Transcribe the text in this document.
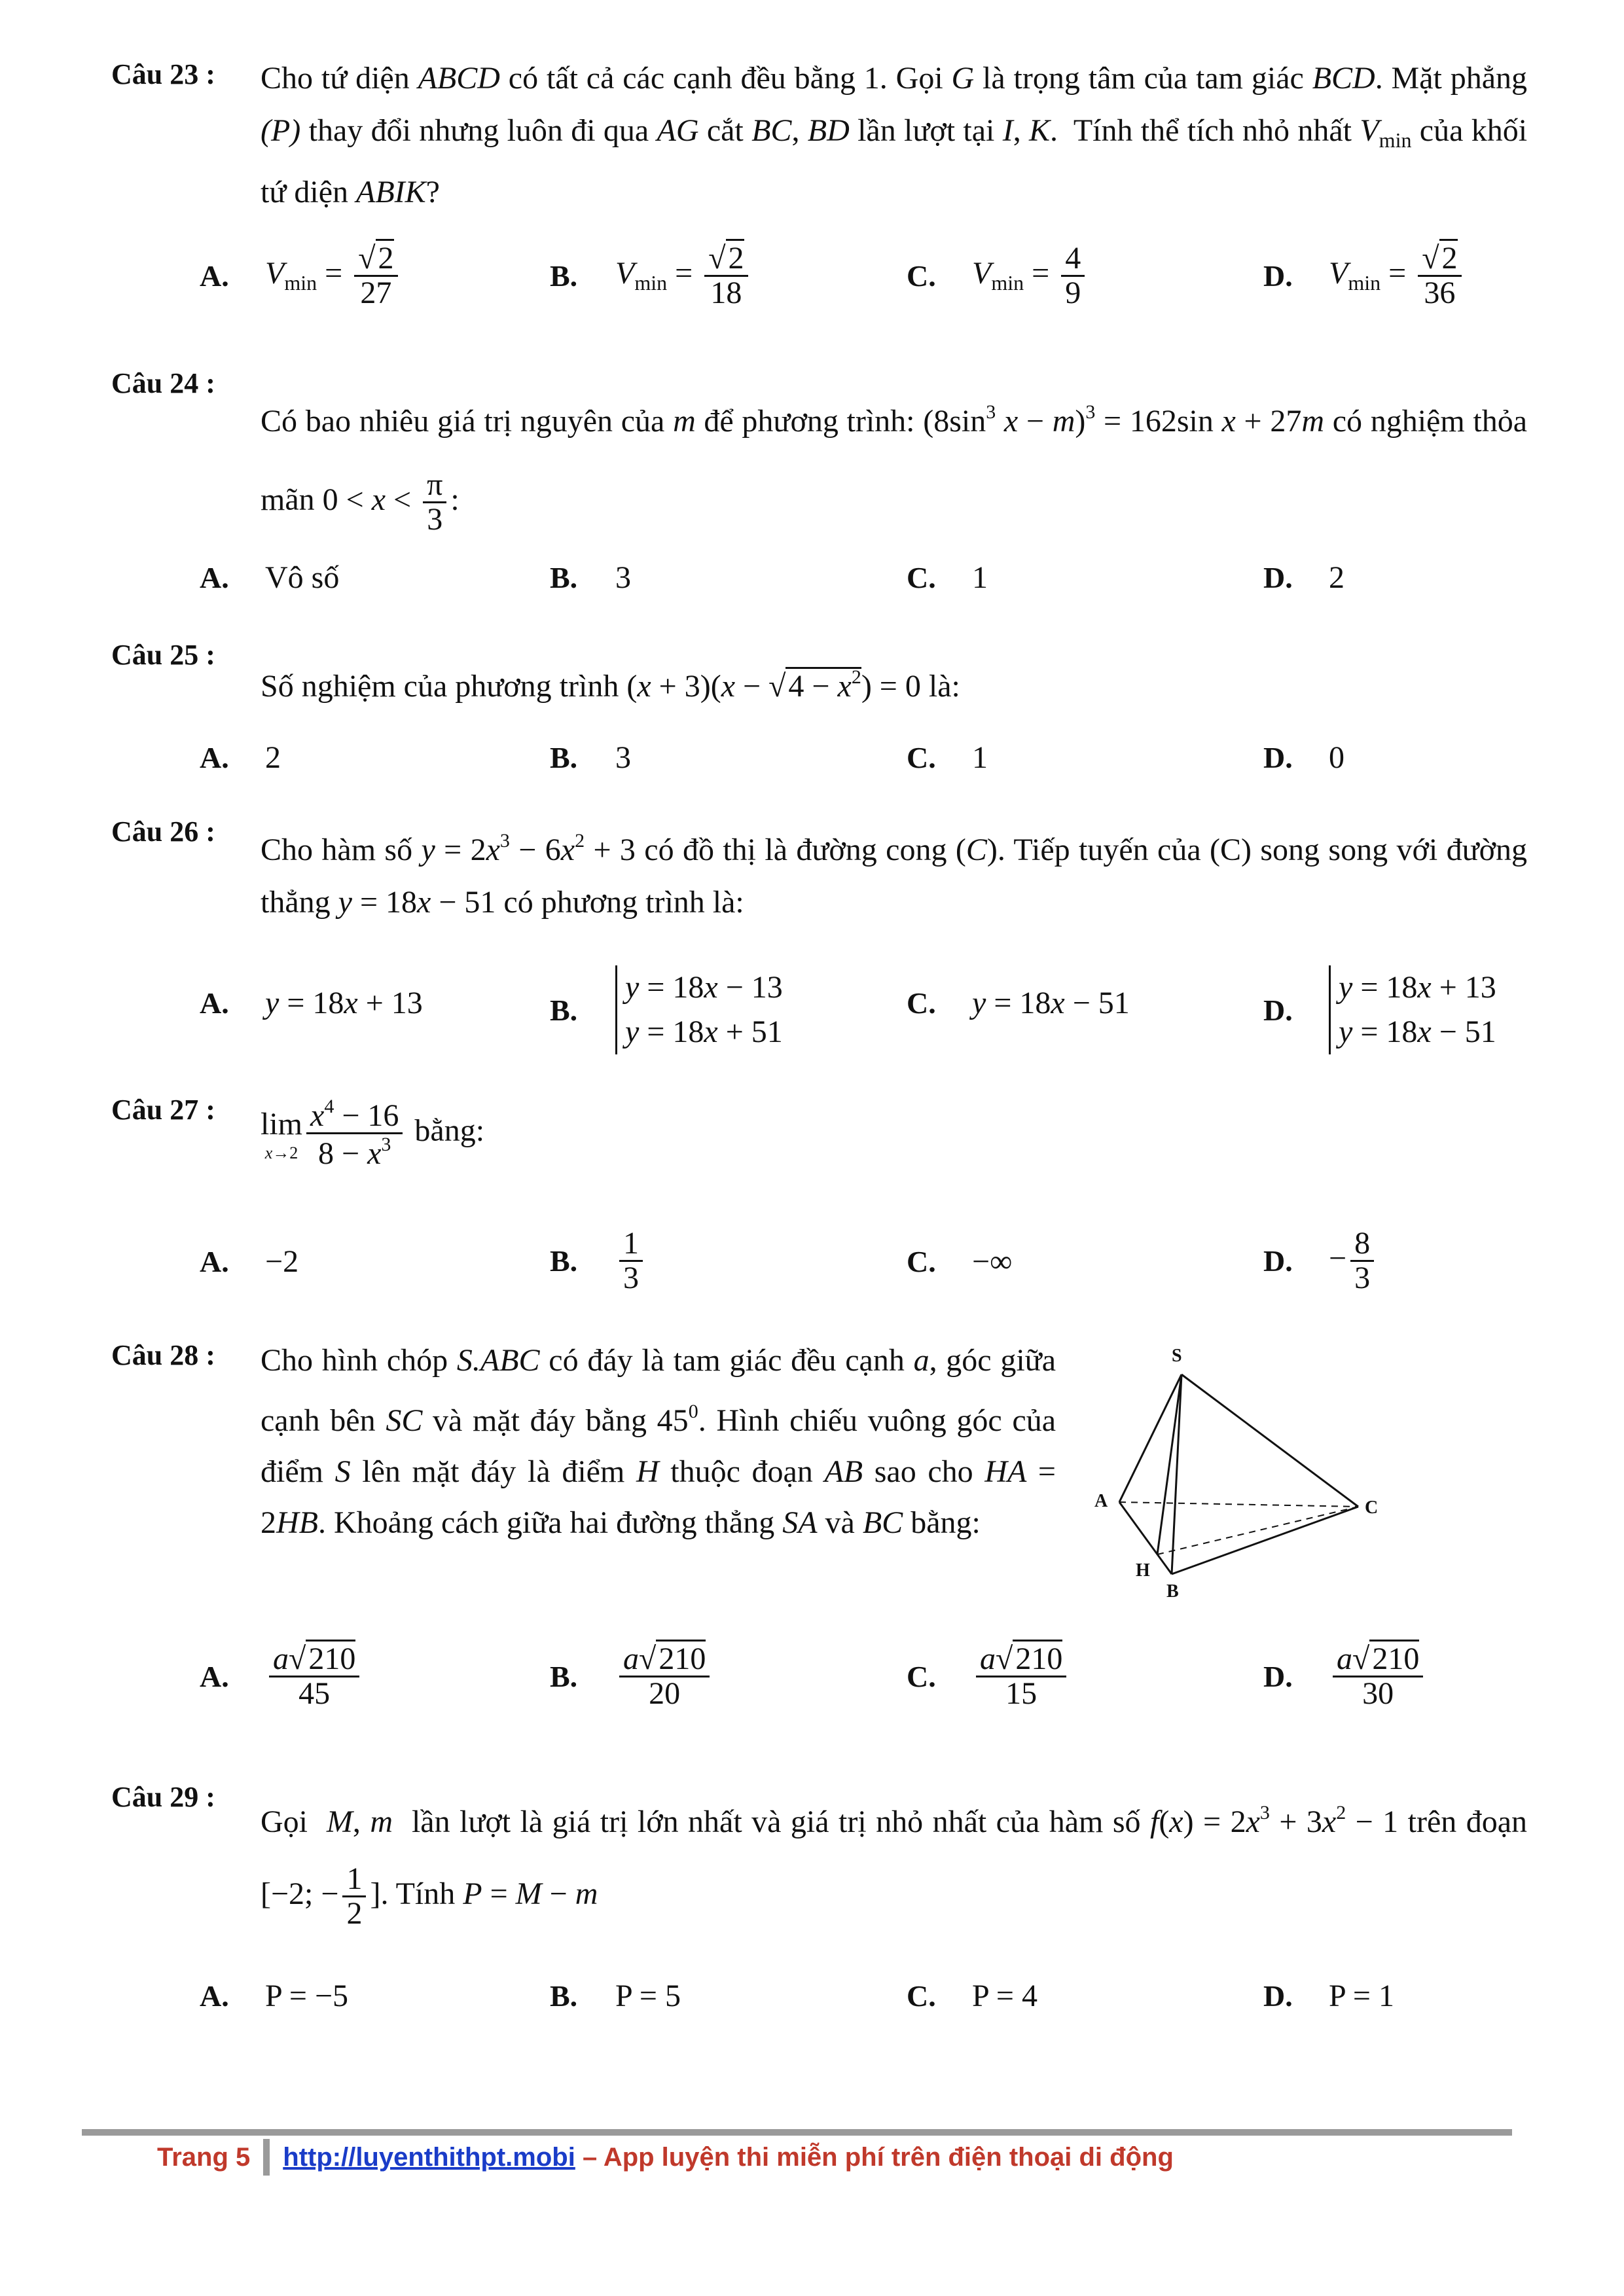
Câu 23 : Cho tứ diện ABCD có tất cả các cạnh đều bằng 1. Gọi G là trọng tâm của tam giác BCD. Mặt phẳng (P) thay đổi nhưng luôn đi qua AG cắt BC, BD lần lượt tại I, K.  Tính thể tích nhỏ nhất $V_{min}$ của khối tứ diện ABIK?
A.	$V_{min} = \frac{√2}{27}$	B.	$V_{min} = \frac{√2}{18}$	C.	$V_{min} = \frac{4}{9}$	D.	$V_{min} = \frac{√2}{36}$
Câu 24 :
Có bao nhiêu giá trị nguyên của m để phương trình: ($8\sin^3$ x − m)$^3$ = 162sin x + 27m có nghiệm thỏa mãn $0 < x < \frac{\pi}{3}$ :
A.	Vô số	B.	3	C.	1	D.	2
Câu 25 :
Số nghiệm của phương trình $(x + 3)(x - √4 - x^2) = 0$ là:
A.	2	B.	3	C.	1	D.	0
Câu 26 :
Cho hàm số $y = 2x^3 - 6x^2 + 3$ có đồ thị là đường cong (C). Tiếp tuyến của (C) song song với đường thẳng y = 18x − 51 có phương trình là:
A.	y = 18x + 13	B.
y = 18x − 13
y = 18x + 51
C.	y = 18x − 51	D.
y = 18x + 13
y = 18x − 51
Câu 27 : lim
$x\to 2 \frac{x^4 - 16}{8 - x^3}$ bằng:
A.	−2	B.	$\frac{1}{3}$	C.	−∞	D.	− $\frac{8}{3}$
Câu 28 : Cho hình chóp S.ABC có đáy là tam giác đều cạnh a, góc giữa cạnh bên SC và mặt đáy bằng $45^0$. Hình chiếu vuông góc của điểm S lên mặt đáy là điểm H thuộc đoạn AB sao cho HA = 2HB. Khoảng cách giữa hai đường thẳng SA và BC bằng:
S
A	C
H
B
A.	$\frac{a√210}{45}$	B.	$\frac{a√210}{20}$	C.	$\frac{a√210}{15}$	D.	$\frac{a√210}{30}$
Câu 29 :
Gọi  M, m  lần lượt là giá trị lớn nhất và giá trị nhỏ nhất của hàm số $f(x) = 2x^3 + 3x^2 - 1$ trên đoạn [−2; − $\frac{1}{2}$ ]. Tính P = M − m
A.	P = −5	B.	P = 5	C.	P = 4	D.	P = 1
Trang 5 http://luyenthithpt.mobi – App luyện thi miễn phí trên điện thoại di động
